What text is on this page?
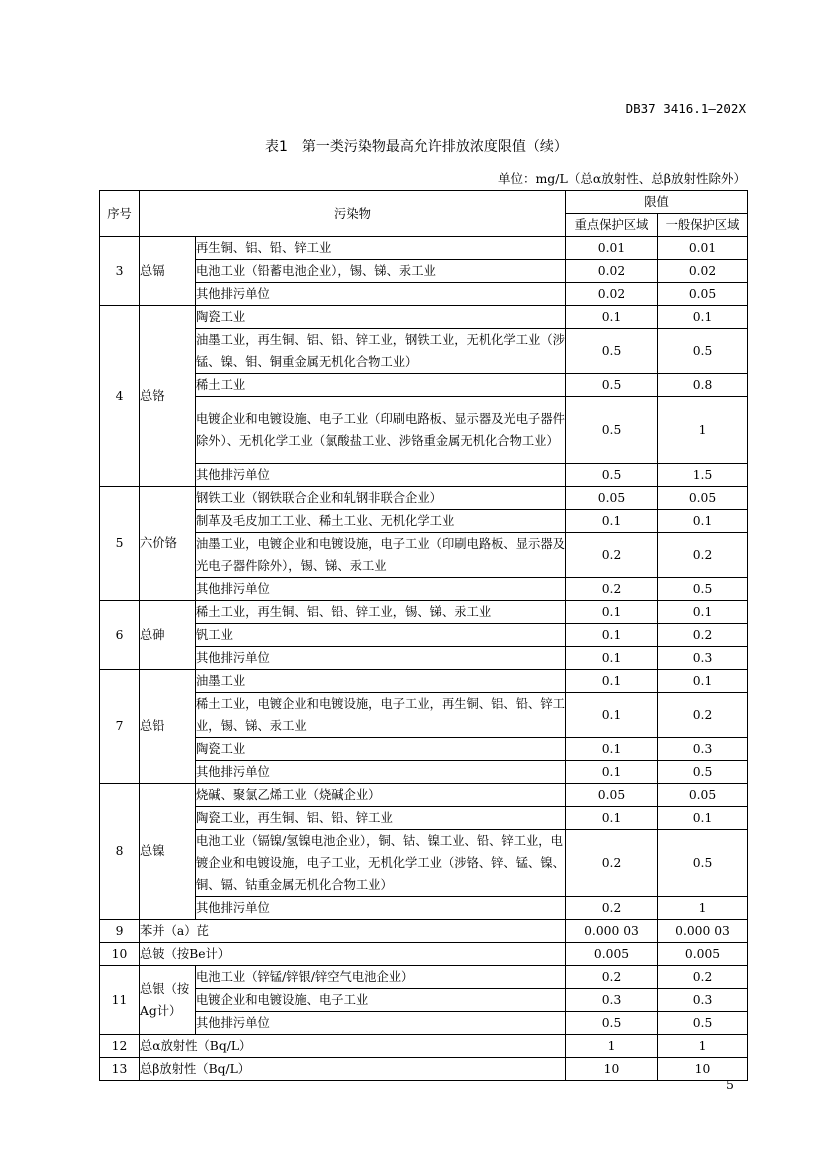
DB37 3416.1—202X
表1 第一类污染物最高允许排放浓度限值（续）
单位：mg/L（总α放射性、总β放射性除外）
序号	污染物		限值	
			重点保护区域	一般保护区域
3	总镉	再生铜、铝、铅、锌工业	0.01	0.01
		电池工业（铅蓄电池企业），锡、锑、汞工业	0.02	0.02
		其他排污单位	0.02	0.05
4	总铬	陶瓷工业	0.1	0.1
		油墨工业，再生铜、铝、铅、锌工业，钢铁工业，无机化学工业（涉锰、镍、钼、铜重金属无机化合物工业）	0.5	0.5
		稀土工业	0.5	0.8
		电镀企业和电镀设施、电子工业（印刷电路板、显示器及光电子器件除外）、无机化学工业（氯酸盐工业、涉铬重金属无机化合物工业）	0.5	1
		其他排污单位	0.5	1.5
5	六价铬	钢铁工业（钢铁联合企业和轧钢非联合企业）	0.05	0.05
		制革及毛皮加工工业、稀土工业、无机化学工业	0.1	0.1
		油墨工业，电镀企业和电镀设施，电子工业（印刷电路板、显示器及光电子器件除外），锡、锑、汞工业	0.2	0.2
		其他排污单位	0.2	0.5
6	总砷	稀土工业，再生铜、铝、铅、锌工业，锡、锑、汞工业	0.1	0.1
		钒工业	0.1	0.2
		其他排污单位	0.1	0.3
7	总铅	油墨工业	0.1	0.1
		稀土工业，电镀企业和电镀设施，电子工业，再生铜、铝、铅、锌工业，锡、锑、汞工业	0.1	0.2
		陶瓷工业	0.1	0.3
		其他排污单位	0.1	0.5
8	总镍	烧碱、聚氯乙烯工业（烧碱企业）	0.05	0.05
		陶瓷工业，再生铜、铝、铅、锌工业	0.1	0.1
		电池工业（镉镍/氢镍电池企业），铜、钴、镍工业、铅、锌工业，电镀企业和电镀设施，电子工业，无机化学工业（涉铬、锌、锰、镍、铜、镉、钴重金属无机化合物工业）	0.2	0.5
		其他排污单位	0.2	1
9	苯并（a）芘		0.000 03	0.000 03
10	总铍（按Be计）		0.005	0.005
11	总银（按Ag计）	电池工业（锌锰/锌银/锌空气电池企业）	0.2	0.2
		电镀企业和电镀设施、电子工业	0.3	0.3
		其他排污单位	0.5	0.5
12	总α放射性（Bq/L）		1	1
13	总β放射性（Bq/L）		10	10
5
